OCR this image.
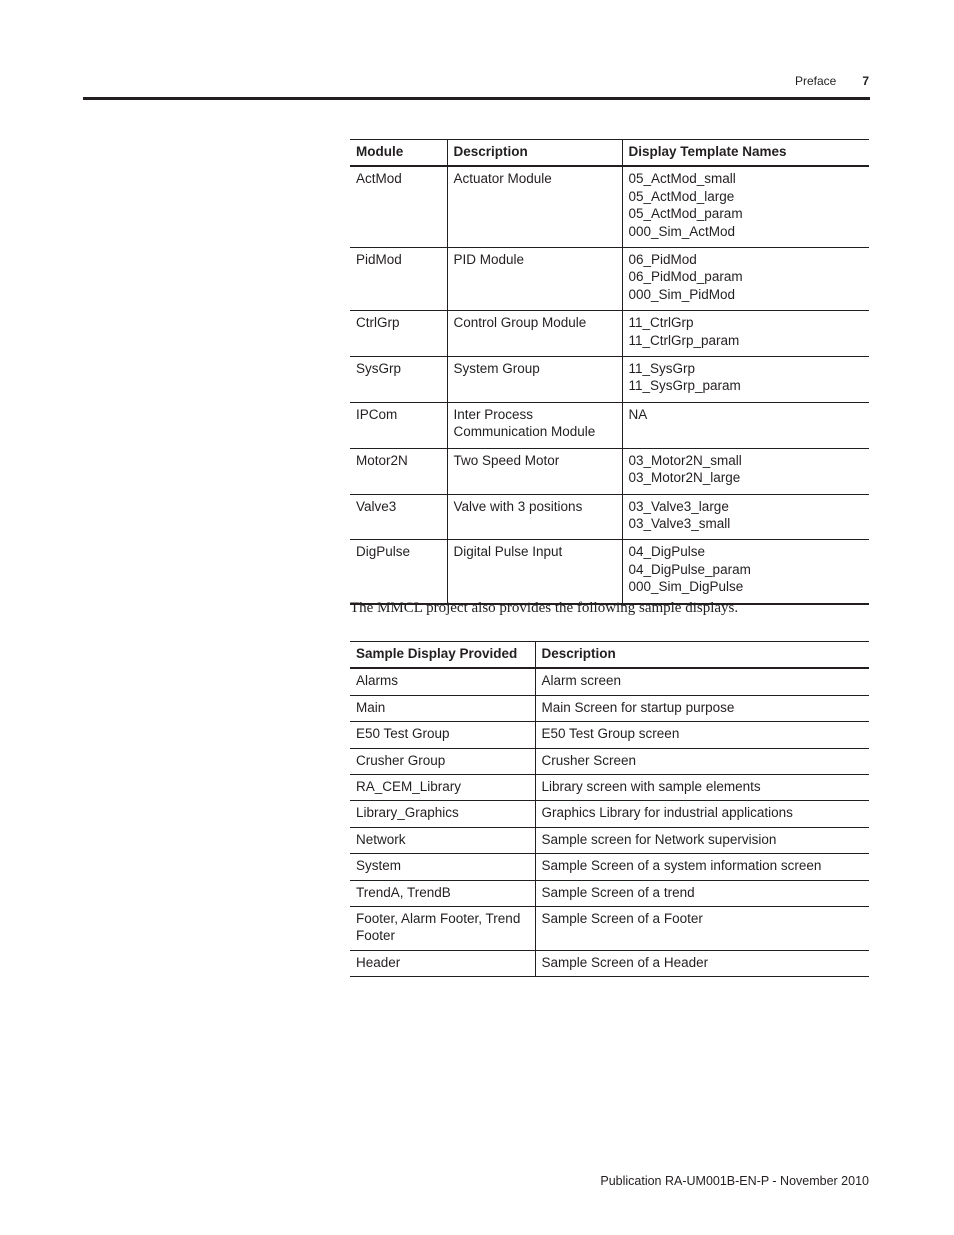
Preface 7
Module	Description	Display Template Names

ActMod	Actuator Module	05_ActMod_small
05_ActMod_large
05_ActMod_param
000_Sim_ActMod

PidMod	PID Module	06_PidMod
06_PidMod_param
000_Sim_PidMod

CtrlGrp	Control Group Module	11_CtrlGrp
11_CtrlGrp_param

SysGrp	System Group	11_SysGrp
11_SysGrp_param

IPCom	Inter Process
Communication Module	NA

Motor2N	Two Speed Motor	03_Motor2N_small
03_Motor2N_large

Valve3	Valve with 3 positions	03_Valve3_large
03_Valve3_small

DigPulse	Digital Pulse Input	04_DigPulse
04_DigPulse_param
000_Sim_DigPulse

The MMCL project also provides the following sample displays.

Sample Display Provided	Description

Alarms	Alarm screen

Main	Main Screen for startup purpose

E50 Test Group	E50 Test Group screen

Crusher Group	Crusher Screen

RA_CEM_Library	Library screen with sample elements

Library_Graphics	Graphics Library for industrial applications

Network	Sample screen for Network supervision

System	Sample Screen of a system information screen

TrendA, TrendB	Sample Screen of a trend

Footer, Alarm Footer, Trend
Footer	Sample Screen of a Footer

Header	Sample Screen of a Header
Publication RA-UM001B-EN-P - November 2010
